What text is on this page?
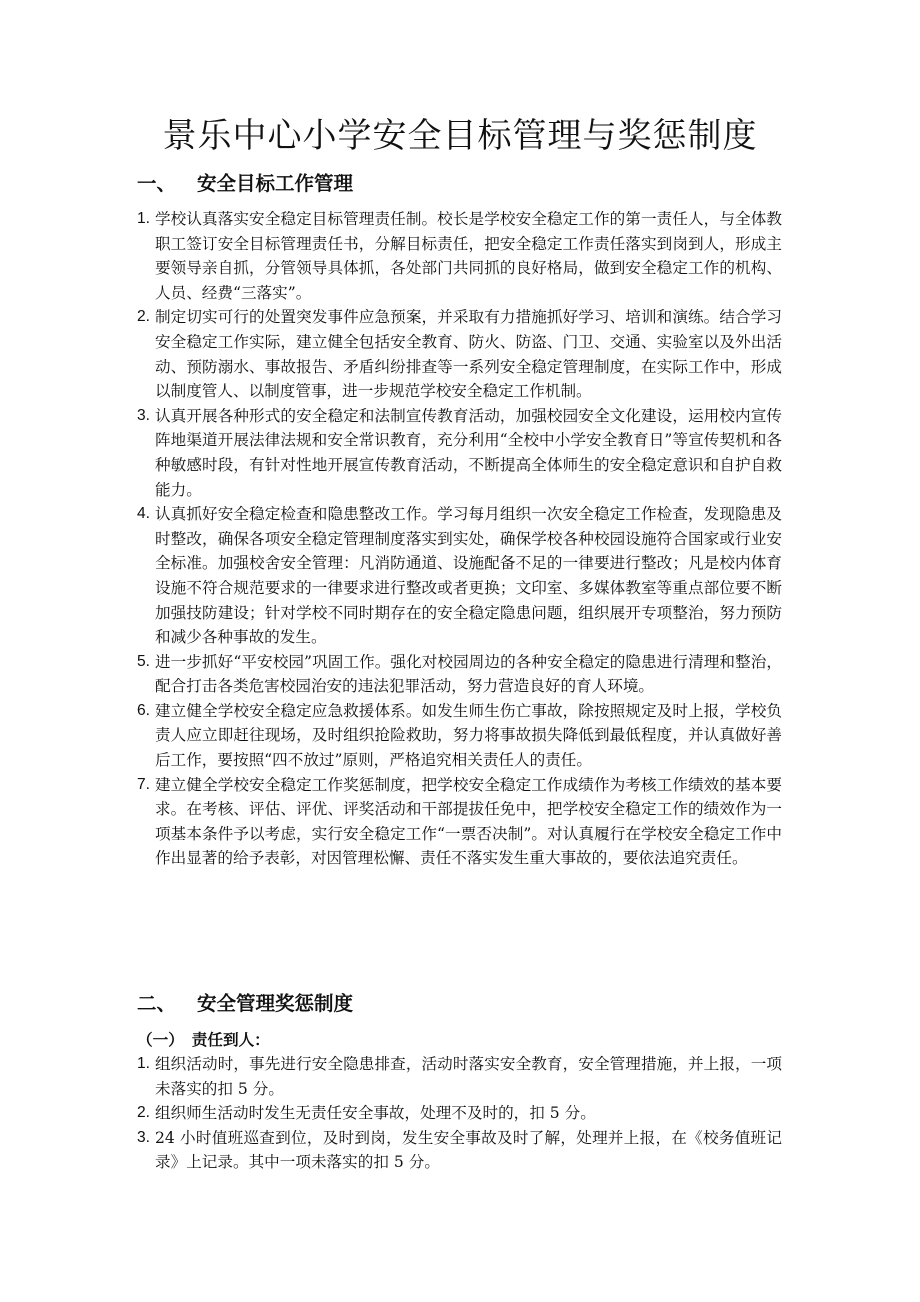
景乐中心小学安全目标管理与奖惩制度
一、 安全目标工作管理
1. 学校认真落实安全稳定目标管理责任制。校长是学校安全稳定工作的第一责任人，与全体教职工签订安全目标管理责任书，分解目标责任，把安全稳定工作责任落实到岗到人，形成主要领导亲自抓，分管领导具体抓，各处部门共同抓的良好格局，做到安全稳定工作的机构、人员、经费“三落实”。
2. 制定切实可行的处置突发事件应急预案，并采取有力措施抓好学习、培训和演练。结合学习安全稳定工作实际，建立健全包括安全教育、防火、防盗、门卫、交通、实验室以及外出活动、预防溺水、事故报告、矛盾纠纷排查等一系列安全稳定管理制度，在实际工作中，形成以制度管人、以制度管事，进一步规范学校安全稳定工作机制。
3. 认真开展各种形式的安全稳定和法制宣传教育活动，加强校园安全文化建设，运用校内宣传阵地渠道开展法律法规和安全常识教育，充分利用“全校中小学安全教育日”等宣传契机和各种敏感时段，有针对性地开展宣传教育活动，不断提高全体师生的安全稳定意识和自护自救能力。
4. 认真抓好安全稳定检查和隐患整改工作。学习每月组织一次安全稳定工作检查，发现隐患及时整改，确保各项安全稳定管理制度落实到实处，确保学校各种校园设施符合国家或行业安全标准。加强校舍安全管理：凡消防通道、设施配备不足的一律要进行整改；凡是校内体育设施不符合规范要求的一律要求进行整改或者更换；文印室、多媒体教室等重点部位要不断加强技防建设；针对学校不同时期存在的安全稳定隐患问题，组织展开专项整治，努力预防和减少各种事故的发生。
5. 进一步抓好“平安校园”巩固工作。强化对校园周边的各种安全稳定的隐患进行清理和整治，配合打击各类危害校园治安的违法犯罪活动，努力营造良好的育人环境。
6. 建立健全学校安全稳定应急救援体系。如发生师生伤亡事故，除按照规定及时上报，学校负责人应立即赶往现场，及时组织抢险救助，努力将事故损失降低到最低程度，并认真做好善后工作，要按照“四不放过”原则，严格追究相关责任人的责任。
7. 建立健全学校安全稳定工作奖惩制度，把学校安全稳定工作成绩作为考核工作绩效的基本要求。在考核、评估、评优、评奖活动和干部提拔任免中，把学校安全稳定工作的绩效作为一项基本条件予以考虑，实行安全稳定工作“一票否决制”。对认真履行在学校安全稳定工作中作出显著的给予表彰，对因管理松懈、责任不落实发生重大事故的，要依法追究责任。
二、 安全管理奖惩制度
（一） 责任到人：
1. 组织活动时，事先进行安全隐患排查，活动时落实安全教育，安全管理措施，并上报，一项未落实的扣 5 分。
2. 组织师生活动时发生无责任安全事故，处理不及时的，扣 5 分。
3. 24 小时值班巡查到位，及时到岗，发生安全事故及时了解，处理并上报，在《校务值班记录》上记录。其中一项未落实的扣 5 分。
